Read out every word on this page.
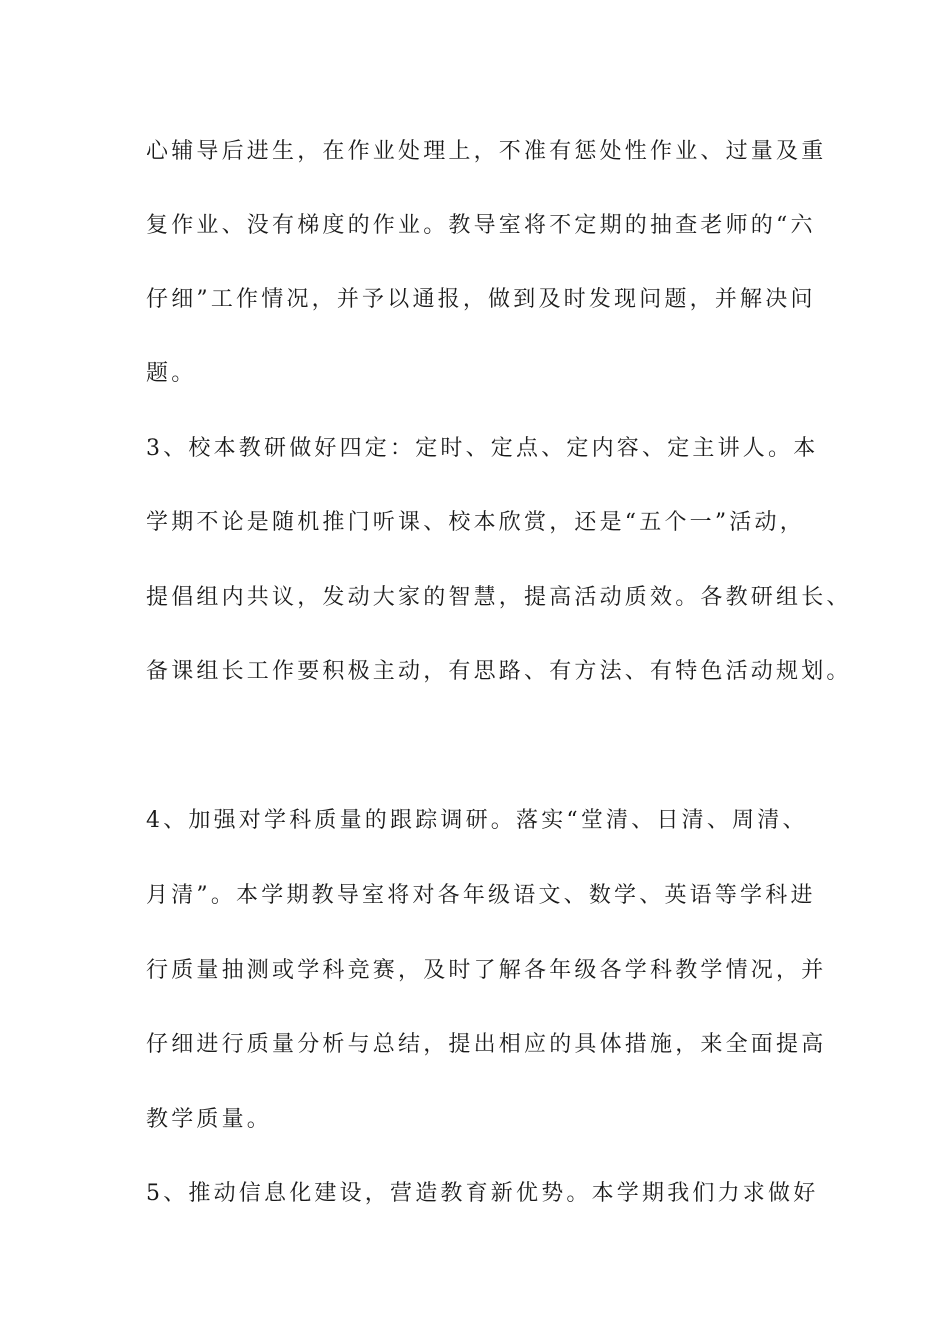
心辅导后进生，在作业处理上，不准有惩处性作业、过量及重
复作业、没有梯度的作业。教导室将不定期的抽查老师的“六
仔细”工作情况，并予以通报，做到及时发现问题，并解决问
题。
3、校本教研做好四定：定时、定点、定内容、定主讲人。本
学期不论是随机推门听课、校本欣赏，还是“五个一”活动，
提倡组内共议，发动大家的智慧，提高活动质效。各教研组长、
备课组长工作要积极主动，有思路、有方法、有特色活动规划。
4、加强对学科质量的跟踪调研。落实“堂清、日清、周清、
月清”。本学期教导室将对各年级语文、数学、英语等学科进
行质量抽测或学科竞赛，及时了解各年级各学科教学情况，并
仔细进行质量分析与总结，提出相应的具体措施，来全面提高
教学质量。
5、推动信息化建设，营造教育新优势。本学期我们力求做好
